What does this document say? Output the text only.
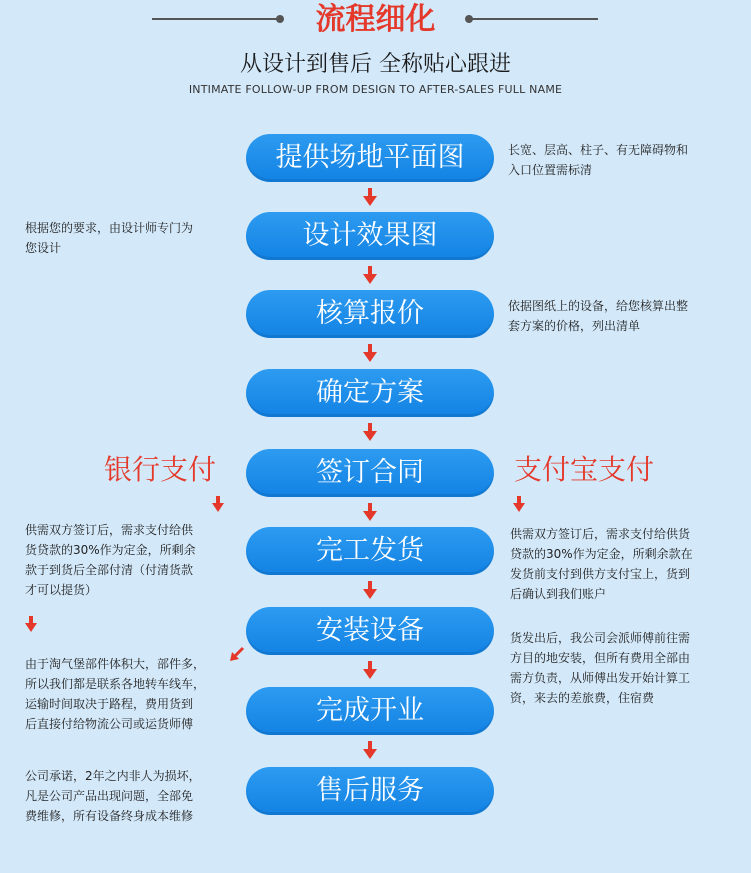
流程细化
从设计到售后 全称贴心跟进
INTIMATE FOLLOW-UP FROM DESIGN TO AFTER-SALES FULL NAME
提供场地平面图
设计效果图
核算报价
确定方案
签订合同
完工发货
安装设备
完成开业
售后服务
长宽、层高、柱子、有无障碍物和
入口位置需标清
根据您的要求，由设计师专门为
您设计
依据图纸上的设备，给您核算出整
套方案的价格，列出清单
银行支付	支付宝支付
供需双方签订后，需求支付给供
货贷款的30%作为定金，所剩余
款于到货后全部付清（付清货款
才可以提货）
供需双方签订后，需求支付给供货
贷款的30%作为定金，所剩余款在
发货前支付到供方支付宝上，货到
后确认到我们账户
由于淘气堡部件体积大，部件多，
所以我们都是联系各地转车线车，
运输时间取决于路程，费用货到
后直接付给物流公司或运货师傅
货发出后，我公司会派师傅前往需
方目的地安装，但所有费用全部由
需方负责，从师傅出发开始计算工
资，来去的差旅费，住宿费
公司承诺，2年之内非人为损坏，
凡是公司产品出现问题，全部免
费维修，所有设备终身成本维修
